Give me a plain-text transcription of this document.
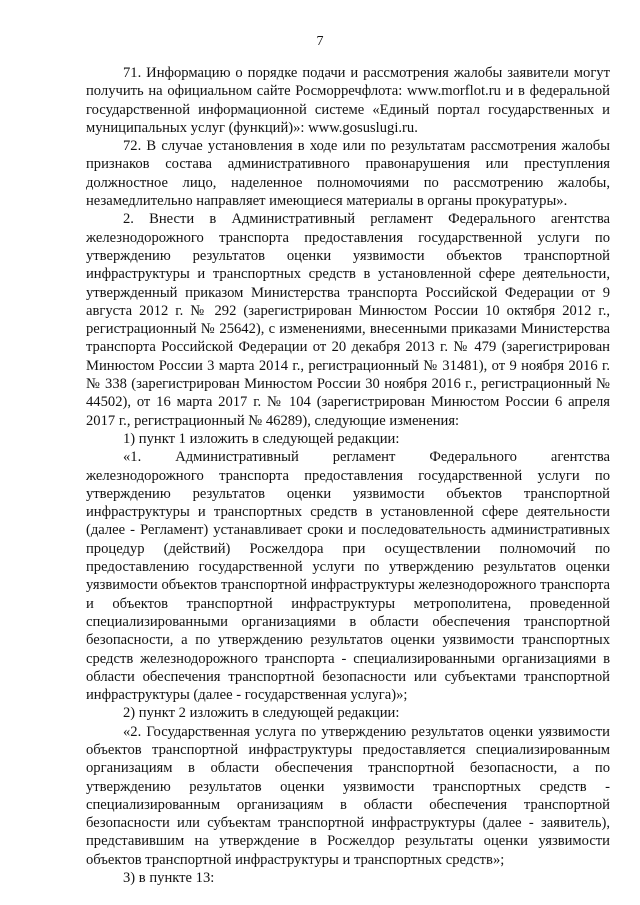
7

71. Информацию о порядке подачи и рассмотрения жалобы заявители могут получить на официальном сайте Росморречфлота: www.morflot.ru и в федеральной государственной информационной системе «Единый портал государственных и муниципальных услуг (функций)»: www.gosuslugi.ru.

72. В случае установления в ходе или по результатам рассмотрения жалобы признаков состава административного правонарушения или преступления должностное лицо, наделенное полномочиями по рассмотрению жалобы, незамедлительно направляет имеющиеся материалы в органы прокуратуры».

2. Внести в Административный регламент Федерального агентства железнодорожного транспорта предоставления государственной услуги по утверждению результатов оценки уязвимости объектов транспортной инфраструктуры и транспортных средств в установленной сфере деятельности, утвержденный приказом Министерства транспорта Российской Федерации от 9 августа 2012 г. № 292 (зарегистрирован Минюстом России 10 октября 2012 г., регистрационный № 25642), с изменениями, внесенными приказами Министерства транспорта Российской Федерации от 20 декабря 2013 г. № 479 (зарегистрирован Минюстом России 3 марта 2014 г., регистрационный № 31481), от 9 ноября 2016 г. № 338 (зарегистрирован Минюстом России 30 ноября 2016 г., регистрационный № 44502), от 16 марта 2017 г. № 104 (зарегистрирован Минюстом России 6 апреля 2017 г., регистрационный № 46289), следующие изменения:

1) пункт 1 изложить в следующей редакции:

«1. Административный регламент Федерального агентства железнодорожного транспорта предоставления государственной услуги по утверждению результатов оценки уязвимости объектов транспортной инфраструктуры и транспортных средств в установленной сфере деятельности (далее - Регламент) устанавливает сроки и последовательность административных процедур (действий) Росжелдора при осуществлении полномочий по предоставлению государственной услуги по утверждению результатов оценки уязвимости объектов транспортной инфраструктуры железнодорожного транспорта и объектов транспортной инфраструктуры метрополитена, проведенной специализированными организациями в области обеспечения транспортной безопасности, а по утверждению результатов оценки уязвимости транспортных средств железнодорожного транспорта - специализированными организациями в области обеспечения транспортной безопасности или субъектами транспортной инфраструктуры (далее - государственная услуга)»;

2) пункт 2 изложить в следующей редакции:

«2. Государственная услуга по утверждению результатов оценки уязвимости объектов транспортной инфраструктуры предоставляется специализированным организациям в области обеспечения транспортной безопасности, а по утверждению результатов оценки уязвимости транспортных средств - специализированным организациям в области обеспечения транспортной безопасности или субъектам транспортной инфраструктуры (далее - заявитель), представившим на утверждение в Росжелдор результаты оценки уязвимости объектов транспортной инфраструктуры и транспортных средств»;

3) в пункте 13:
